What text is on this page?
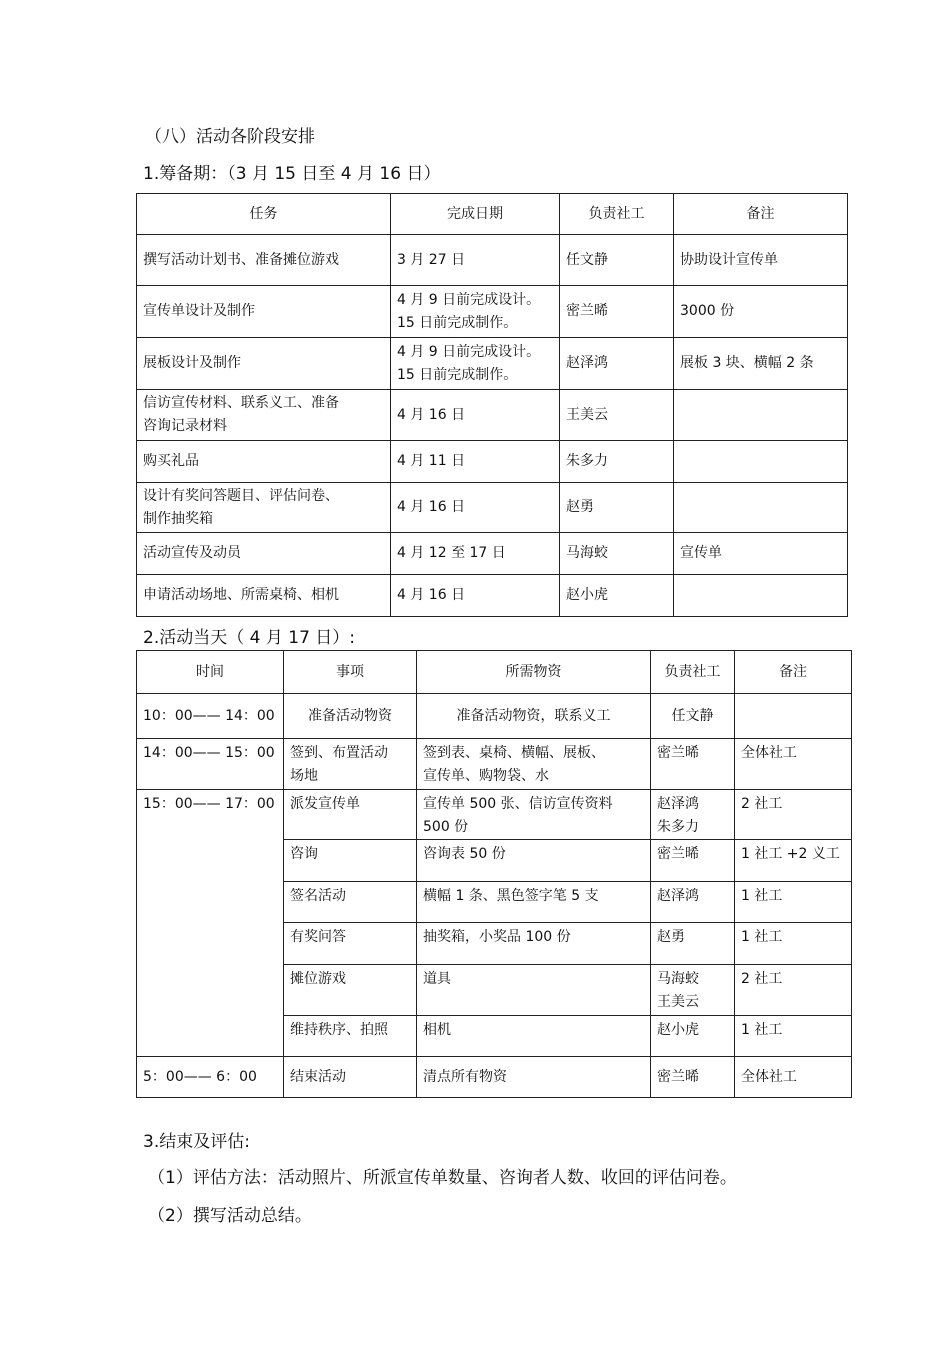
（八）活动各阶段安排
1.筹备期：（3 月 15 日至 4 月 16 日）
任务	完成日期	负责社工	备注

撰写活动计划书、准备摊位游戏	3 月 27 日	任文静	协助设计宣传单

宣传单设计及制作	4 月 9 日前完成设计。
15 日前完成制作。	密兰晞	3000 份

展板设计及制作	4 月 9 日前完成设计。
15 日前完成制作。	赵泽鸿	展板 3 块、横幅 2 条

信访宣传材料、联系义工、准备
咨询记录材料	4 月 16 日	王美云	

购买礼品	4 月 11 日	朱多力	

设计有奖问答题目、评估问卷、
制作抽奖箱	4 月 16 日	赵勇	

活动宣传及动员	4 月 12 至 17 日	马海蛟	宣传单

申请活动场地、所需桌椅、相机	4 月 16 日	赵小虎	
2.活动当天（ 4 月 17 日）:
时间	事项	所需物资	负责社工	备注
10：00—— 14：00	准备活动物资	准备活动物资，联系义工	任文静	

14：00—— 15：00	签到、布置活动
场地	签到表、桌椅、横幅、展板、
宣传单、购物袋、水	密兰晞	全体社工
15：00—— 17：00	派发宣传单	宣传单 500 张、信访宣传资料
500 份	赵泽鸿
朱多力	2 社工

	咨询	咨询表 50 份	密兰晞	1 社工 +2 义工

	签名活动	横幅 1 条、黑色签字笔 5 支	赵泽鸿	1 社工

	有奖问答	抽奖箱，小奖品 100 份	赵勇	1 社工

	摊位游戏	道具	马海蛟
王美云	2 社工

	维持秩序、拍照	相机	赵小虎	1 社工
5：00—— 6：00	结束活动	清点所有物资	密兰晞	全体社工
3.结束及评估:
（1）评估方法：活动照片、所派宣传单数量、咨询者人数、收回的评估问卷。
（2）撰写活动总结。
